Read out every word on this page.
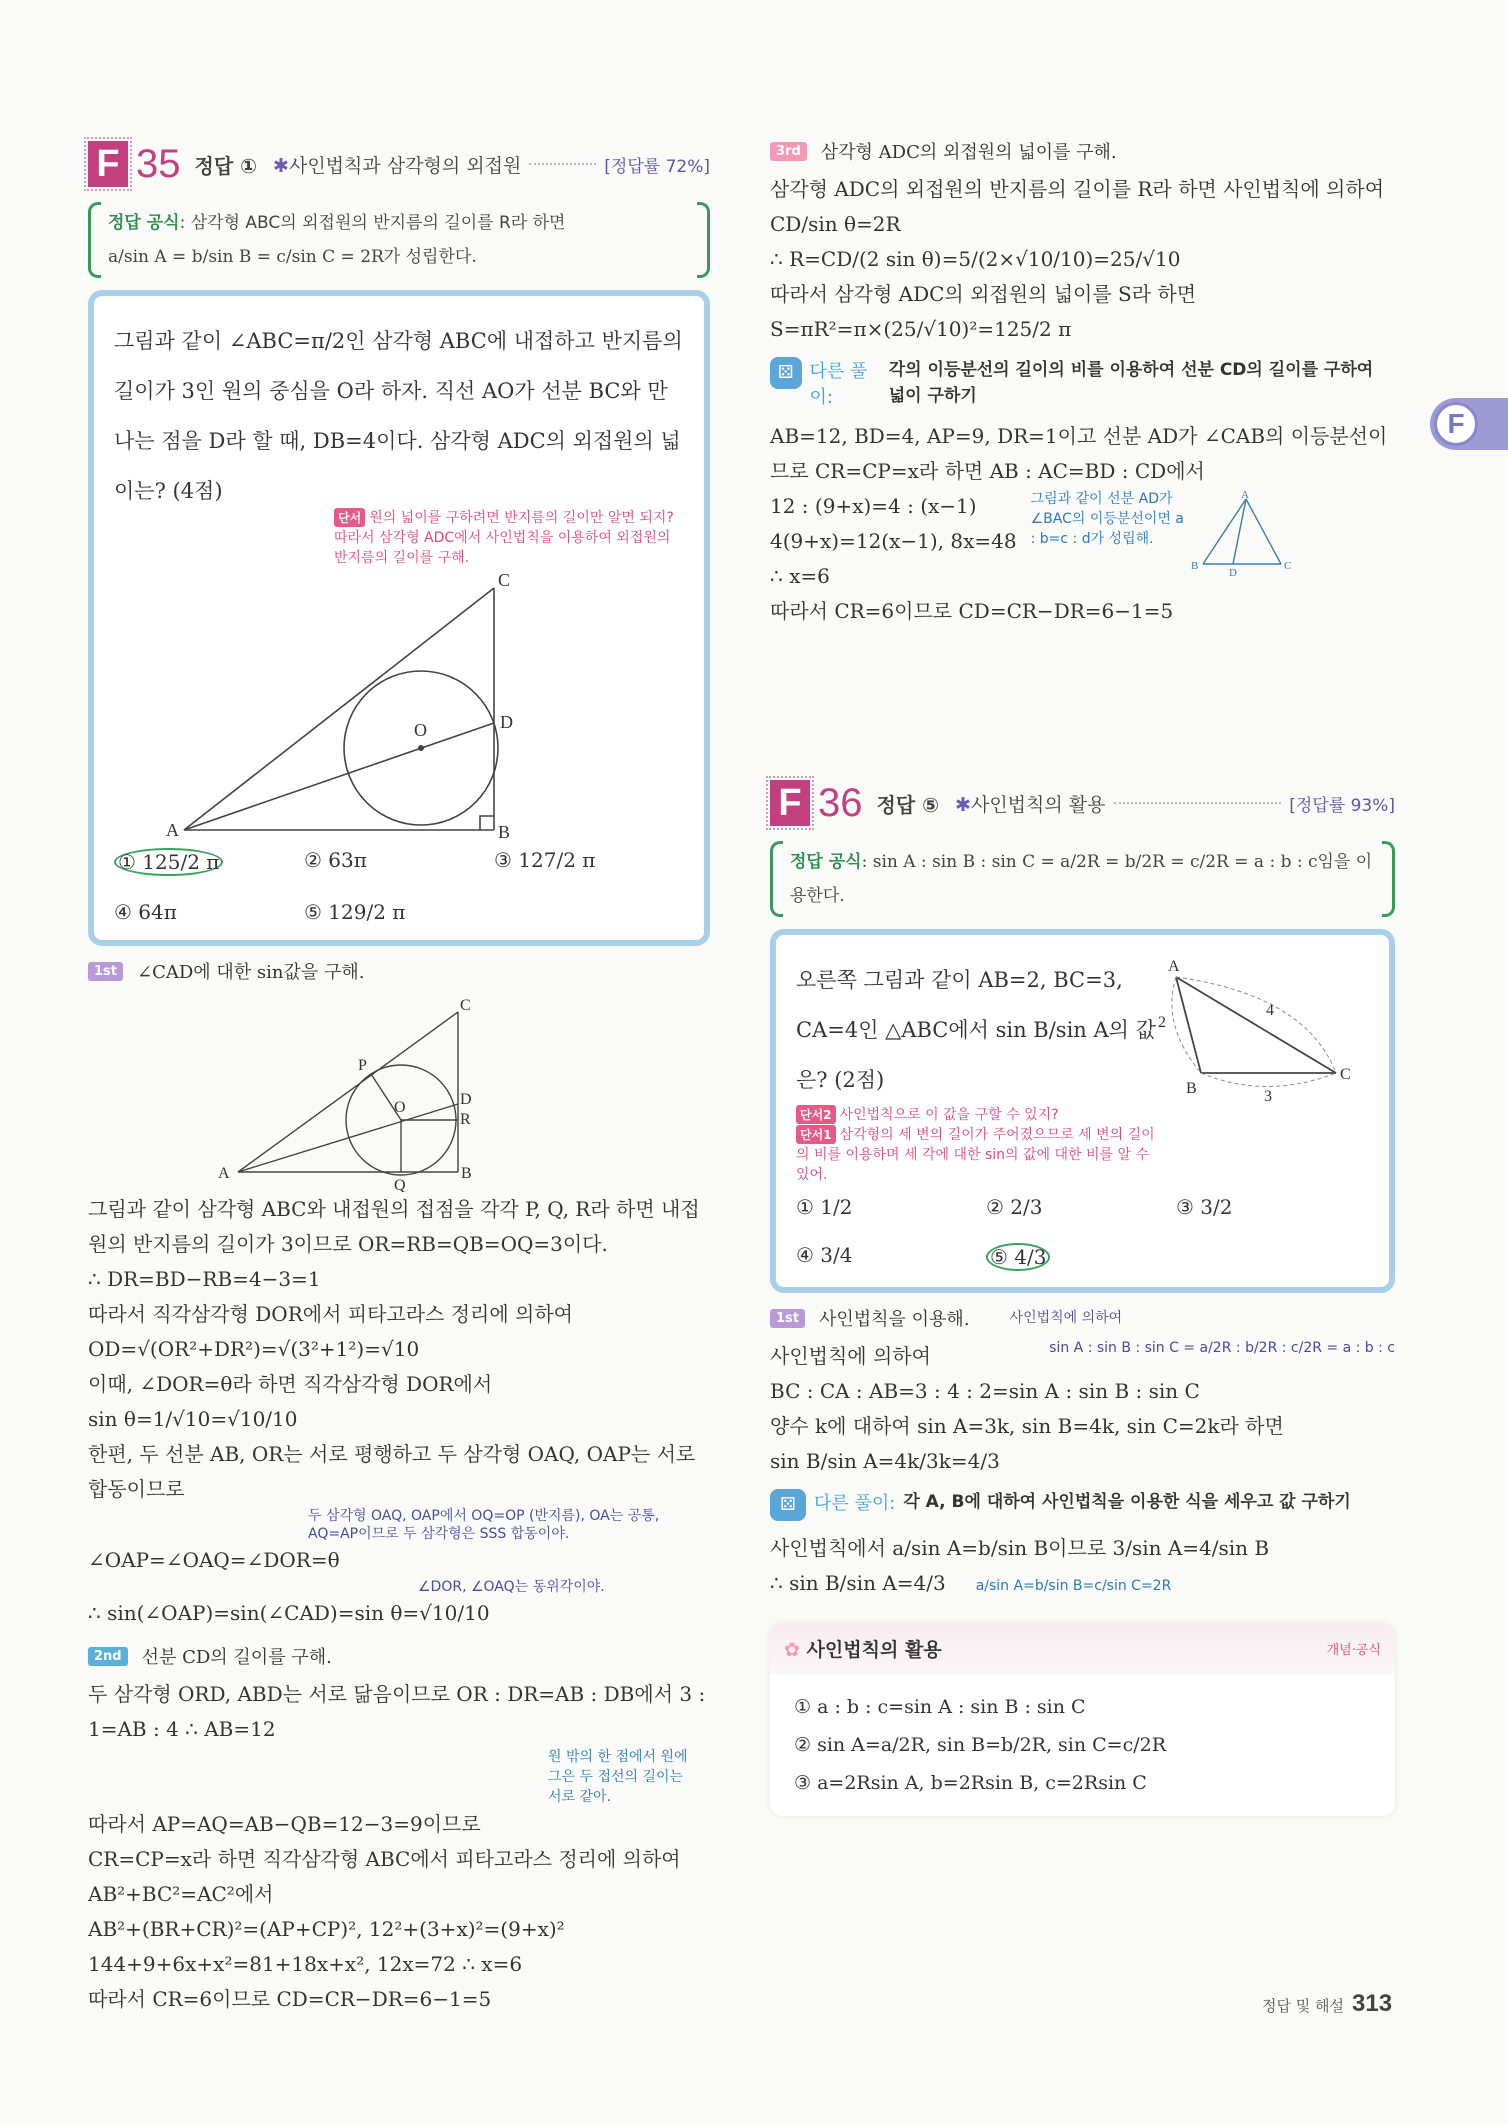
F 35 정답 ① ✱사인법칙과 삼각형의 외접원	[정답률 72%]
정답 공식: 삼각형 ABC의 외접원의 반지름의 길이를 R라 하면
a/sin A = b/sin B = c/sin C = 2R가 성립한다.
그림과 같이 ∠ABC=π/2인 삼각형 ABC에 내접하고 반지름의 길이가 3인 원의 중심을 O라 하자. 직선 AO가 선분 BC와 만나는 점을 D라 할 때, DB=4이다. 삼각형 ADC의 외접원의 넓이는? (4점)
단서 원의 넓이를 구하려면 반지름의 길이만 알면 되지? 따라서 삼각형 ADC에서 사인법칙을 이용하여 외접원의 반지름의 길이를 구해.
A	B
C
D
O
① 125/2 π	② 63π	③ 127/2 π
④ 64π	⑤ 129/2 π
1st	∠CAD에 대한 sin값을 구해.
A	B
C
D
R
Q
P
O
그림과 같이 삼각형 ABC와 내접원의 접점을 각각 P, Q, R라 하면 내접원의 반지름의 길이가 3이므로 OR=RB=QB=OQ=3이다.
∴ DR=BD−RB=4−3=1
따라서 직각삼각형 DOR에서 피타고라스 정리에 의하여
OD=√(OR²+DR²)=√(3²+1²)=√10
이때, ∠DOR=θ라 하면 직각삼각형 DOR에서
sin θ=1/√10=√10/10
한편, 두 선분 AB, OR는 서로 평행하고 두 삼각형 OAQ, OAP는 서로 합동이므로
두 삼각형 OAQ, OAP에서 OQ=OP (반지름), OA는 공통, AQ=AP이므로 두 삼각형은 SSS 합동이야.
∠OAP=∠OAQ=∠DOR=θ
∠DOR, ∠OAQ는 동위각이야.
∴ sin(∠OAP)=sin(∠CAD)=sin θ=√10/10
2nd	선분 CD의 길이를 구해.
두 삼각형 ORD, ABD는 서로 닮음이므로 OR : DR=AB : DB에서 3 : 1=AB : 4 ∴ AB=12
원 밖의 한 점에서 원에 그은 두 접선의 길이는 서로 같아.
따라서 AP=AQ=AB−QB=12−3=9이므로
CR=CP=x라 하면 직각삼각형 ABC에서 피타고라스 정리에 의하여
AB²+BC²=AC²에서
AB²+(BR+CR)²=(AP+CP)², 12²+(3+x)²=(9+x)²
144+9+6x+x²=81+18x+x², 12x=72 ∴ x=6
따라서 CR=6이므로 CD=CR−DR=6−1=5
3rd	삼각형 ADC의 외접원의 넓이를 구해.
삼각형 ADC의 외접원의 반지름의 길이를 R라 하면 사인법칙에 의하여 CD/sin θ=2R
∴ R=CD/(2 sin θ)=5/(2×√10/10)=25/√10
따라서 삼각형 ADC의 외접원의 넓이를 S라 하면
S=πR²=π×(25/√10)²=125/2 π
⚄ 다른 풀이:
각의 이등분선의 길이의 비를 이용하여 선분 CD의 길이를 구하여 넓이 구하기
AB=12, BD=4, AP=9, DR=1이고 선분 AD가 ∠CAB의 이등분선이므로 CR=CP=x라 하면 AB : AC=BD : CD에서
12 : (9+x)=4 : (x−1)
4(9+x)=12(x−1), 8x=48
∴ x=6
그림과 같이 선분 AD가 ∠BAC의 이등분선이면 a : b=c : d가 성립해.
A
B	C
D
따라서 CR=6이므로 CD=CR−DR=6−1=5
F 36 정답 ⑤ ✱사인법칙의 활용	[정답률 93%]
정답 공식: sin A : sin B : sin C = a/2R = b/2R = c/2R = a : b : c임을 이용한다.
오른쪽 그림과 같이 AB=2, BC=3, CA=4인 △ABC에서 sin B/sin A의 값은? (2점)
단서2 사인법칙으로 이 값을 구할 수 있지?
단서1 삼각형의 세 변의 길이가 주어졌으므로 세 변의 길이의 비를 이용하며 세 각에 대한 sin의 값에 대한 비를 알 수 있어.
A
B
C
2
4
3
① 1/2	② 2/3	③ 3/2
④ 3/4	⑤ 4/3
1st	사인법칙을 이용해.	사인법칙에 의하여
사인법칙에 의하여	sin A : sin B : sin C = a/2R : b/2R : c/2R = a : b : c
BC : CA : AB=3 : 4 : 2=sin A : sin B : sin C
양수 k에 대하여 sin A=3k, sin B=4k, sin C=2k라 하면
sin B/sin A=4k/3k=4/3
⚄	다른 풀이: 각 A, B에 대하여 사인법칙을 이용한 식을 세우고 값 구하기
사인법칙에서 a/sin A=b/sin B이므로 3/sin A=4/sin B
∴ sin B/sin A=4/3 a/sin A=b/sin B=c/sin C=2R
✿ 사인법칙의 활용	개념·공식
① a : b : c=sin A : sin B : sin C
② sin A=a/2R, sin B=b/2R, sin C=c/2R
③ a=2Rsin A, b=2Rsin B, c=2Rsin C
F
정답 및 해설 313
